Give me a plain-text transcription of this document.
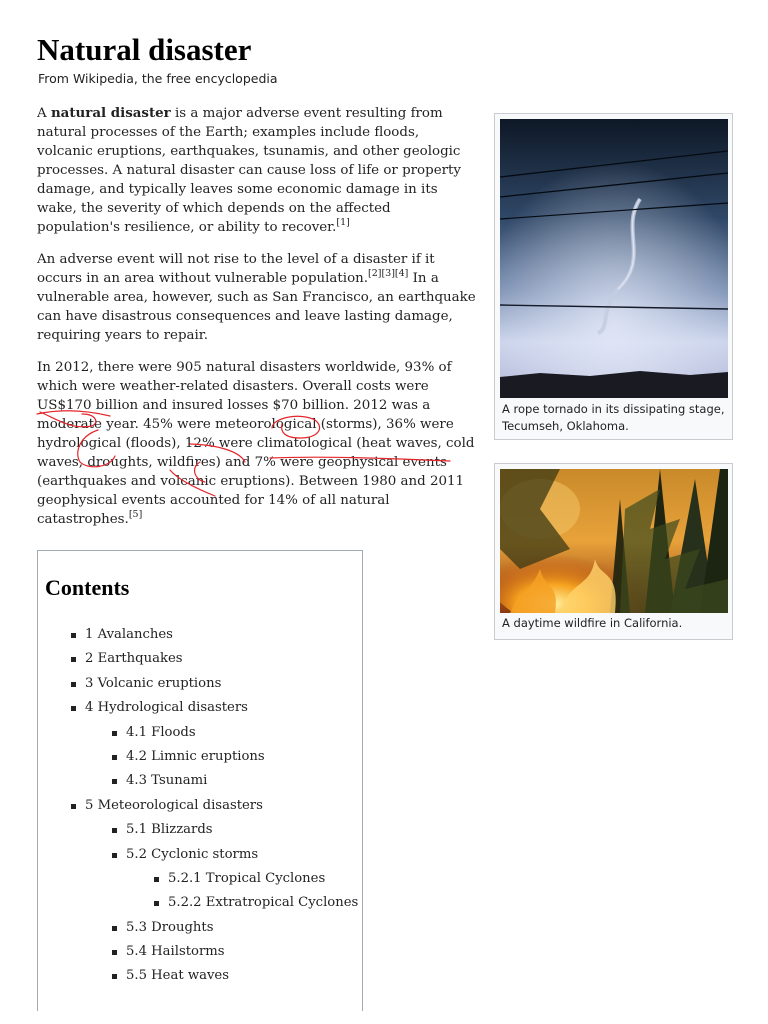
Natural disaster
From Wikipedia, the free encyclopedia

A natural disaster is a major adverse event resulting from natural processes of the Earth; examples include floods, volcanic eruptions, earthquakes, tsunamis, and other geologic processes. A natural disaster can cause loss of life or property damage, and typically leaves some economic damage in its wake, the severity of which depends on the affected population's resilience, or ability to recover.[1]

An adverse event will not rise to the level of a disaster if it occurs in an area without vulnerable population.[2][3][4] In a vulnerable area, however, such as San Francisco, an earthquake can have disastrous consequences and leave lasting damage, requiring years to repair.

In 2012, there were 905 natural disasters worldwide, 93% of which were weather-related disasters. Overall costs were US$170 billion and insured losses $70 billion. 2012 was a moderate year. 45% were meteorological (storms), 36% were hydrological (floods), 12% were climatological (heat waves, cold waves, droughts, wildfires) and 7% were geophysical events (earthquakes and volcanic eruptions). Between 1980 and 2011 geophysical events accounted for 14% of all natural catastrophes.[5]

A rope tornado in its dissipating stage, Tecumseh, Oklahoma.
A daytime wildfire in California.
Contents
1 Avalanches
2 Earthquakes
3 Volcanic eruptions
4 Hydrological disasters
4.1 Floods
4.2 Limnic eruptions
4.3 Tsunami
5 Meteorological disasters
5.1 Blizzards
5.2 Cyclonic storms
5.2.1 Tropical Cyclones
5.2.2 Extratropical Cyclones
5.3 Droughts
5.4 Hailstorms
5.5 Heat waves
